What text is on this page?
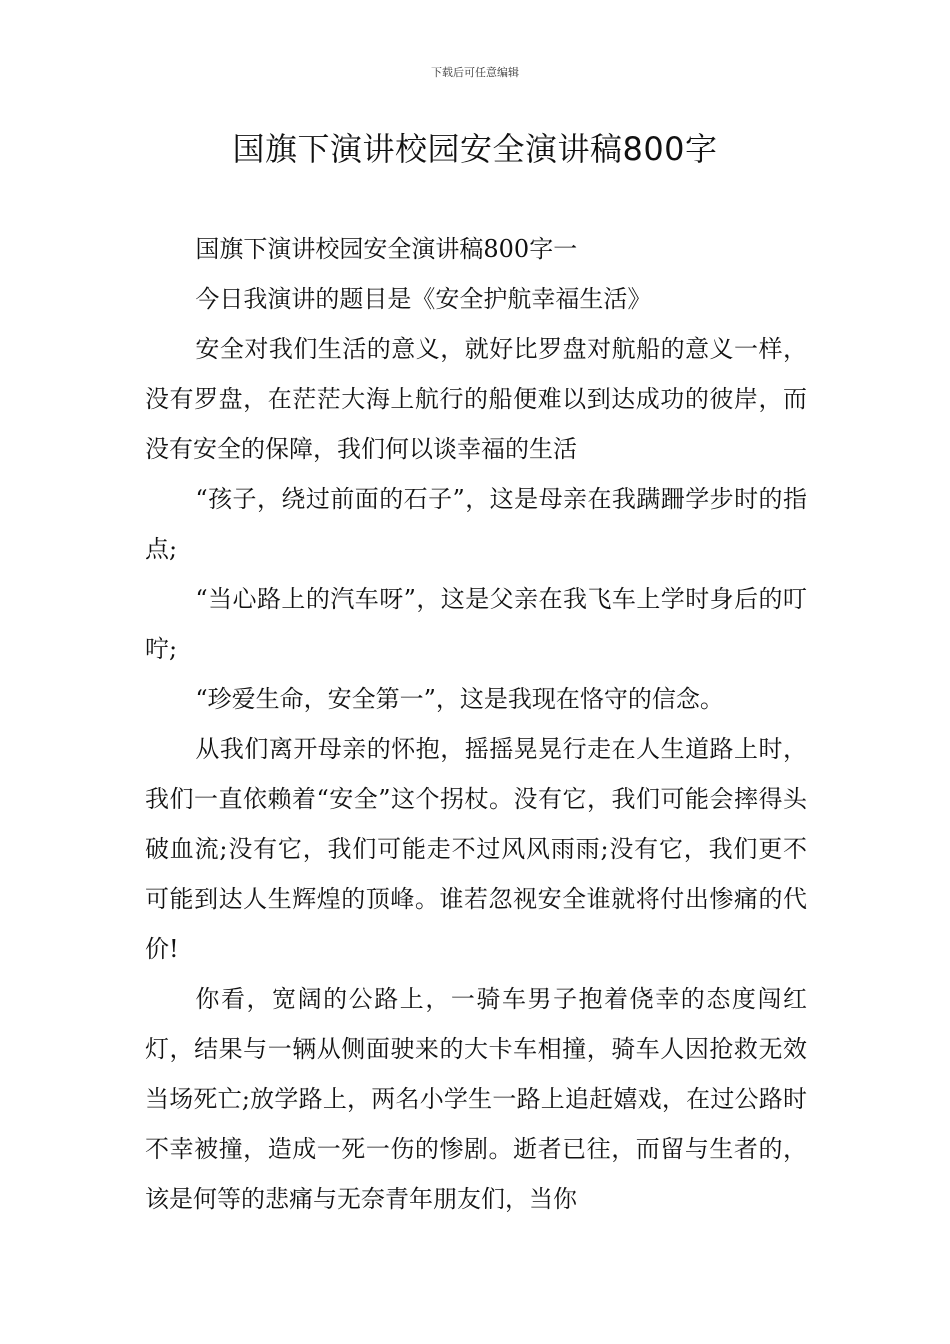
下载后可任意编辑
国旗下演讲校园安全演讲稿800字

国旗下演讲校园安全演讲稿800字一

今日我演讲的题目是《安全护航幸福生活》

安全对我们生活的意义，就好比罗盘对航船的意义一样，没有罗盘，在茫茫大海上航行的船便难以到达成功的彼岸，而没有安全的保障，我们何以谈幸福的生活

“孩子，绕过前面的石子”，这是母亲在我蹒跚学步时的指点;

“当心路上的汽车呀”，这是父亲在我飞车上学时身后的叮咛;

“珍爱生命，安全第一”，这是我现在恪守的信念。

从我们离开母亲的怀抱，摇摇晃晃行走在人生道路上时，我们一直依赖着“安全”这个拐杖。没有它，我们可能会摔得头破血流;没有它，我们可能走不过风风雨雨;没有它，我们更不可能到达人生辉煌的顶峰。谁若忽视安全谁就将付出惨痛的代价!

你看，宽阔的公路上，一骑车男子抱着侥幸的态度闯红灯，结果与一辆从侧面驶来的大卡车相撞，骑车人因抢救无效当场死亡;放学路上，两名小学生一路上追赶嬉戏，在过公路时不幸被撞，造成一死一伤的惨剧。逝者已往，而留与生者的，该是何等的悲痛与无奈青年朋友们，当你
